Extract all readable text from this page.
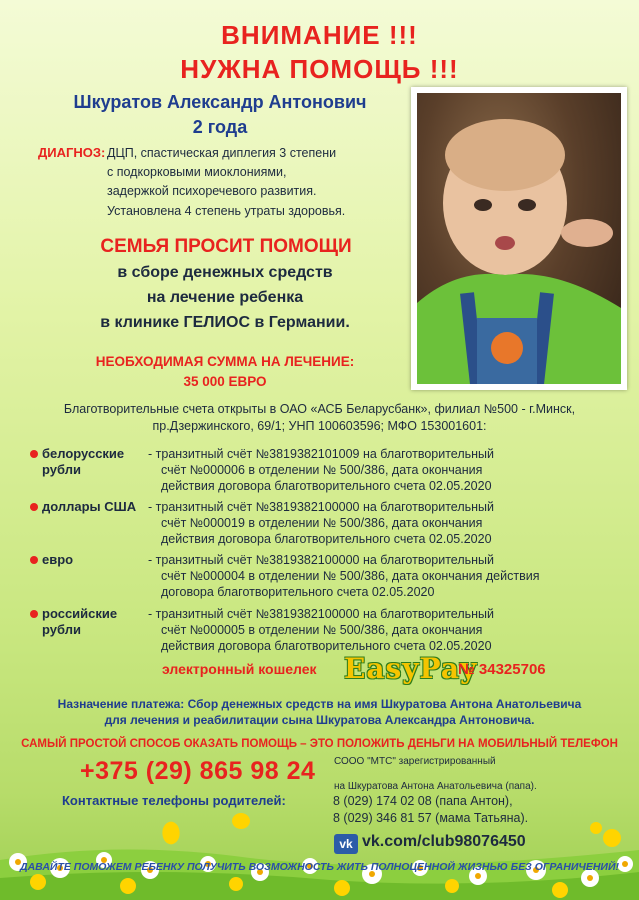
ВНИМАНИЕ !!!
НУЖНА ПОМОЩЬ !!!
Шкуратов Александр Антонович
2 года
ДИАГНОЗ: ДЦП, спастическая диплегия 3 степени
с подкорковыми миоклониями,
задержкой психоречевого развития.
Установлена 4 степень утраты здоровья.
СЕМЬЯ ПРОСИТ ПОМОЩИ
в сборе денежных средств
на лечение ребенка
в клинике ГЕЛИОС в Германии.
НЕОБХОДИМАЯ СУММА НА ЛЕЧЕНИЕ:
35 000 ЕВРО
Благотворительные счета открыты в ОАО «АСБ Беларусбанк», филиал №500 - г.Минск,
пр.Дзержинского, 69/1; УНП 100603596; МФО 153001601:
белорусские рубли
- транзитный счёт №3819382101009 на благотворительный
счёт №000006 в отделении № 500/386, дата окончания
действия договора благотворительного счета 02.05.2020
доллары США - транзитный счёт №3819382100000 на благотворительный
счёт №000019 в отделении № 500/386, дата окончания
действия договора благотворительного счета 02.05.2020
евро	- транзитный счёт №3819382100000 на благотворительный
счёт №000004 в отделении № 500/386, дата окончания действия
договора благотворительного счета 02.05.2020
российские рубли
- транзитный счёт №3819382100000 на благотворительный
счёт №000005 в отделении № 500/386, дата окончания
действия договора благотворительного счета 02.05.2020
электронный кошелек EasyPay
№ 34325706
Назначение платежа: Сбор денежных средств на имя Шкуратова Антона Анатольевича
для лечения и реабилитации сына Шкуратова Александра Антоновича.
САМЫЙ ПРОСТОЙ СПОСОБ ОКАЗАТЬ ПОМОЩЬ – ЭТО ПОЛОЖИТЬ ДЕНЬГИ НА МОБИЛЬНЫЙ ТЕЛЕФОН
+375 (29) 865 98 24 СООО "МТС" зарегистрированный
на Шкуратова Антона Анатольевича (папа).
Контактные телефоны родителей:	8 (029) 174 02 08 (папа Антон),
8 (029) 346 81 57 (мама Татьяна).
vk vk.com/club98076450
ДАВАЙТЕ ПОМОЖЕМ РЕБЕНКУ ПОЛУЧИТЬ ВОЗМОЖНОСТЬ ЖИТЬ ПОЛНОЦЕННОЙ ЖИЗНЬЮ БЕЗ ОГРАНИЧЕНИЙ!
